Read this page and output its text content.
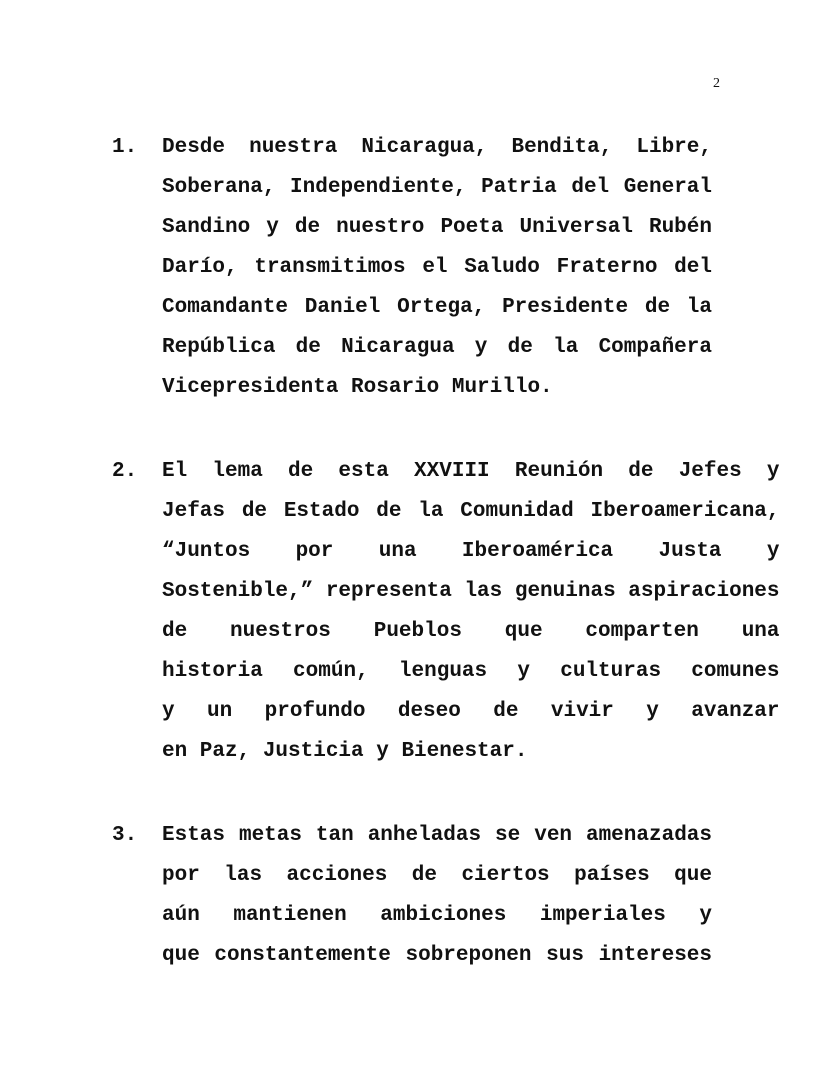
2
1.	Desde nuestra Nicaragua, Bendita, Libre,
Soberana, Independiente, Patria del General
Sandino y de nuestro Poeta Universal Rubén
Darío, transmitimos el Saludo Fraterno del
Comandante Daniel Ortega, Presidente de la
República de Nicaragua y de la Compañera
Vicepresidenta Rosario Murillo.
2.	El lema de esta XXVIII Reunión de Jefes y
Jefas de Estado de la Comunidad Iberoamericana,
“Juntos por una Iberoamérica Justa y
Sostenible,” representa las genuinas aspiraciones
de nuestros Pueblos que comparten una
historia común, lenguas y culturas comunes
y un profundo deseo de vivir y avanzar
en Paz, Justicia y Bienestar.
3.	Estas metas tan anheladas se ven amenazadas
por las acciones de ciertos países que
aún mantienen ambiciones imperiales y
que constantemente sobreponen sus intereses
